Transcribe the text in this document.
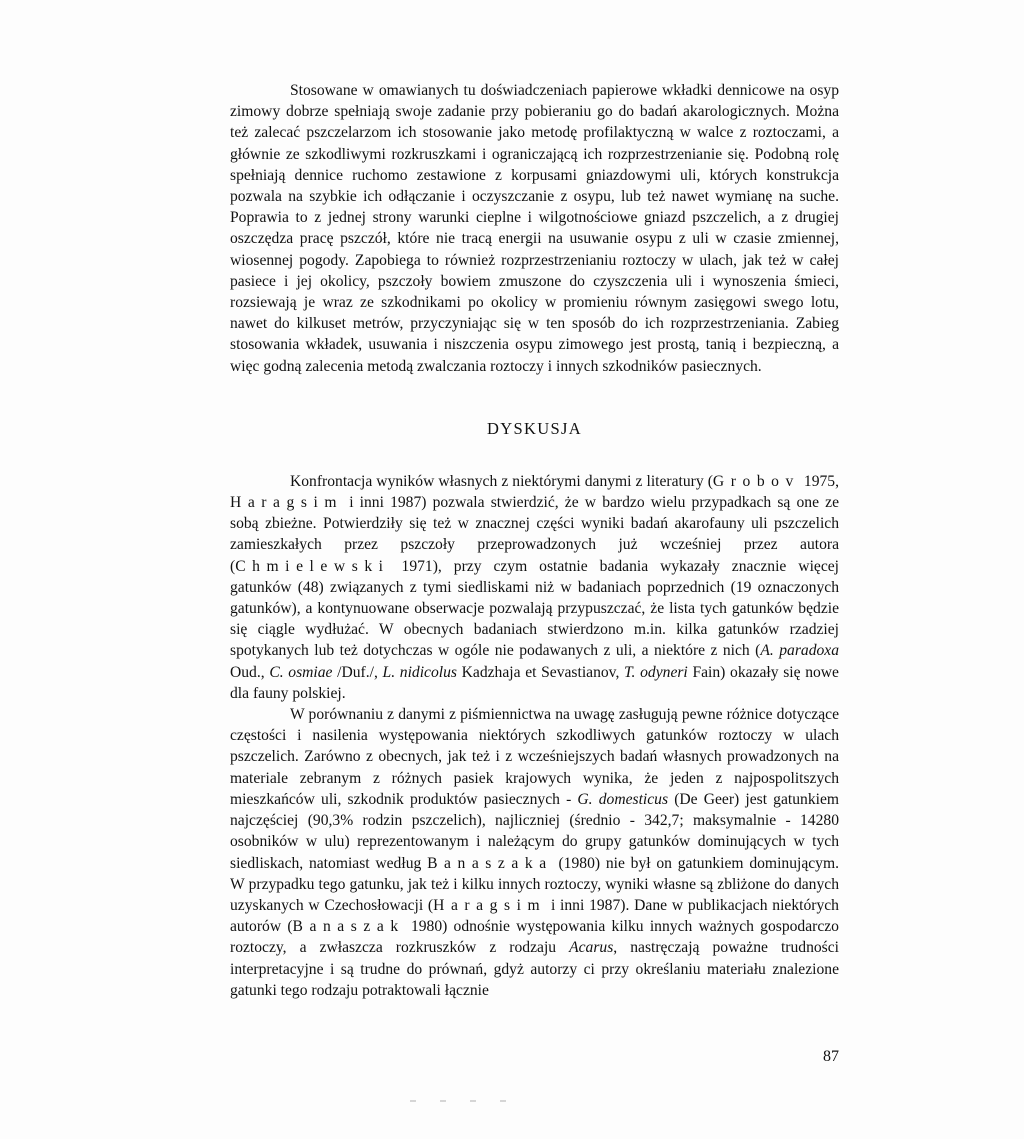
Stosowane w omawianych tu doświadczeniach papierowe wkładki dennicowe na osyp zimowy dobrze spełniają swoje zadanie przy pobieraniu go do badań akarologicznych. Można też zalecać pszczelarzom ich stosowanie jako metodę profilaktyczną w walce z roztoczami, a głównie ze szkodliwymi rozkruszkami i ograniczającą ich rozprzestrzenianie się. Podobną rolę spełniają dennice ruchomo zestawione z korpusami gniazdowymi uli, których konstrukcja pozwala na szybkie ich odłączanie i oczyszczanie z osypu, lub też nawet wymianę na suche. Poprawia to z jednej strony warunki cieplne i wilgotnościowe gniazd pszczelich, a z drugiej oszczędza pracę pszczół, które nie tracą energii na usuwanie osypu z uli w czasie zmiennej, wiosennej pogody. Zapobiega to również rozprzestrzenianiu roztoczy w ulach, jak też w całej pasiece i jej okolicy, pszczoły bowiem zmuszone do czyszczenia uli i wynoszenia śmieci, rozsiewają je wraz ze szkodnikami po okolicy w promieniu równym zasięgowi swego lotu, nawet do kilkuset metrów, przyczyniając się w ten sposób do ich rozprzestrzeniania. Zabieg stosowania wkładek, usuwania i niszczenia osypu zimowego jest prostą, tanią i bezpieczną, a więc godną zalecenia metodą zwalczania roztoczy i innych szkodników pasiecznych.

DYSKUSJA

Konfrontacja wyników własnych z niektórymi danymi z literatury (Grobov 1975, Haragsim i inni 1987) pozwala stwierdzić, że w bardzo wielu przypadkach są one ze sobą zbieżne. Potwierdziły się też w znacznej części wyniki badań akarofauny uli pszczelich zamieszkałych przez pszczoły przeprowadzonych już wcześniej przez autora (Chmielewski 1971), przy czym ostatnie badania wykazały znacznie więcej gatunków (48) związanych z tymi siedliskami niż w badaniach poprzednich (19 oznaczonych gatunków), a kontynuowane obserwacje pozwalają przypuszczać, że lista tych gatunków będzie się ciągle wydłużać. W obecnych badaniach stwierdzono m.in. kilka gatunków rzadziej spotykanych lub też dotychczas w ogóle nie podawanych z uli, a niektóre z nich (A. paradoxa Oud., C. osmiae /Duf./, L. nidicolus Kadzhaja et Sevastianov, T. odyneri Fain) okazały się nowe dla fauny polskiej.

W porównaniu z danymi z piśmiennictwa na uwagę zasługują pewne różnice dotyczące częstości i nasilenia występowania niektórych szkodliwych gatunków roztoczy w ulach pszczelich. Zarówno z obecnych, jak też i z wcześniejszych badań własnych prowadzonych na materiale zebranym z różnych pasiek krajowych wynika, że jeden z najpospolitszych mieszkańców uli, szkodnik produktów pasiecznych - G. domesticus (De Geer) jest gatunkiem najczęściej (90,3% rodzin pszczelich), najliczniej (średnio - 342,7; maksymalnie - 14280 osobników w ulu) reprezentowanym i należącym do grupy gatunków dominujących w tych siedliskach, natomiast według Banaszaka (1980) nie był on gatunkiem dominującym. W przypadku tego gatunku, jak też i kilku innych roztoczy, wyniki własne są zbliżone do danych uzyskanych w Czechosłowacji (Haragsim i inni 1987). Dane w publikacjach niektórych autorów (Banaszak 1980) odnośnie występowania kilku innych ważnych gospodarczo roztoczy, a zwłaszcza rozkruszków z rodzaju Acarus, nastręczają poważne trudności interpretacyjne i są trudne do prównań, gdyż autorzy ci przy określaniu materiału znalezione gatunki tego rodzaju potraktowali łącznie

87
